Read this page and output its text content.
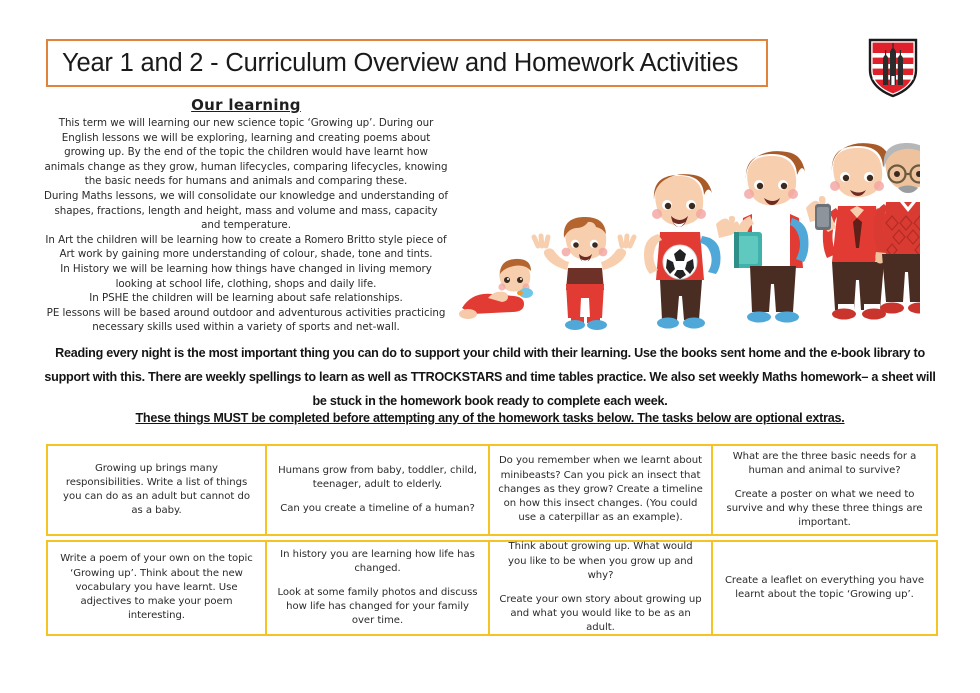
Year 1 and 2 - Curriculum Overview and Homework Activities
Our learning

This term we will learning our new science topic ‘Growing up’. During our English lessons we will be exploring, learning and creating poems about growing up. By the end of the topic the children would have learnt how animals change as they grow, human lifecycles, comparing lifecycles, knowing the basic needs for humans and animals and comparing these.

During Maths lessons, we will consolidate our knowledge and understanding of shapes, fractions, length and height, mass and volume and mass, capacity and temperature.

In Art the children will be learning how to create a Romero Britto style piece of Art work by gaining more understanding of colour, shade, tone and tints.

In History we will be learning how things have changed in living memory looking at school life, clothing, shops and daily life.

In PSHE the children will be learning about safe relationships.

PE lessons will be based around outdoor and adventurous activities practicing necessary skills used within a variety of sports and net-wall.

Reading every night is the most important thing you can do to support your child with their learning. Use the books sent home and the e-book library to support with this. There are weekly spellings to learn as well as TTROCKSTARS and time tables practice. We also set weekly Maths homework– a sheet will be stuck in the homework book ready to complete each week.
These things MUST be completed before attempting any of the homework tasks below. The tasks below are optional extras.

Growing up brings many responsibilities. Write a list of things you can do as an adult but cannot do as a baby.

Humans grow from baby, toddler, child, teenager, adult to elderly.

Can you create a timeline of a human?

Do you remember when we learnt about minibeasts? Can you pick an insect that changes as they grow? Create a timeline on how this insect changes. (You could use a caterpillar as an example).

What are the three basic needs for a human and animal to survive?

Create a poster on what we need to survive and why these three things are important.

Write a poem of your own on the topic ‘Growing up’. Think about the new vocabulary you have learnt. Use adjectives to make your poem interesting.

In history you are learning how life has changed.

Look at some family photos and discuss how life has changed for your family over time.

Think about growing up. What would you like to be when you grow up and why?

Create your own story about growing up and what you would like to be as an adult.

Create a leaflet on everything you have learnt about the topic ‘Growing up’.
